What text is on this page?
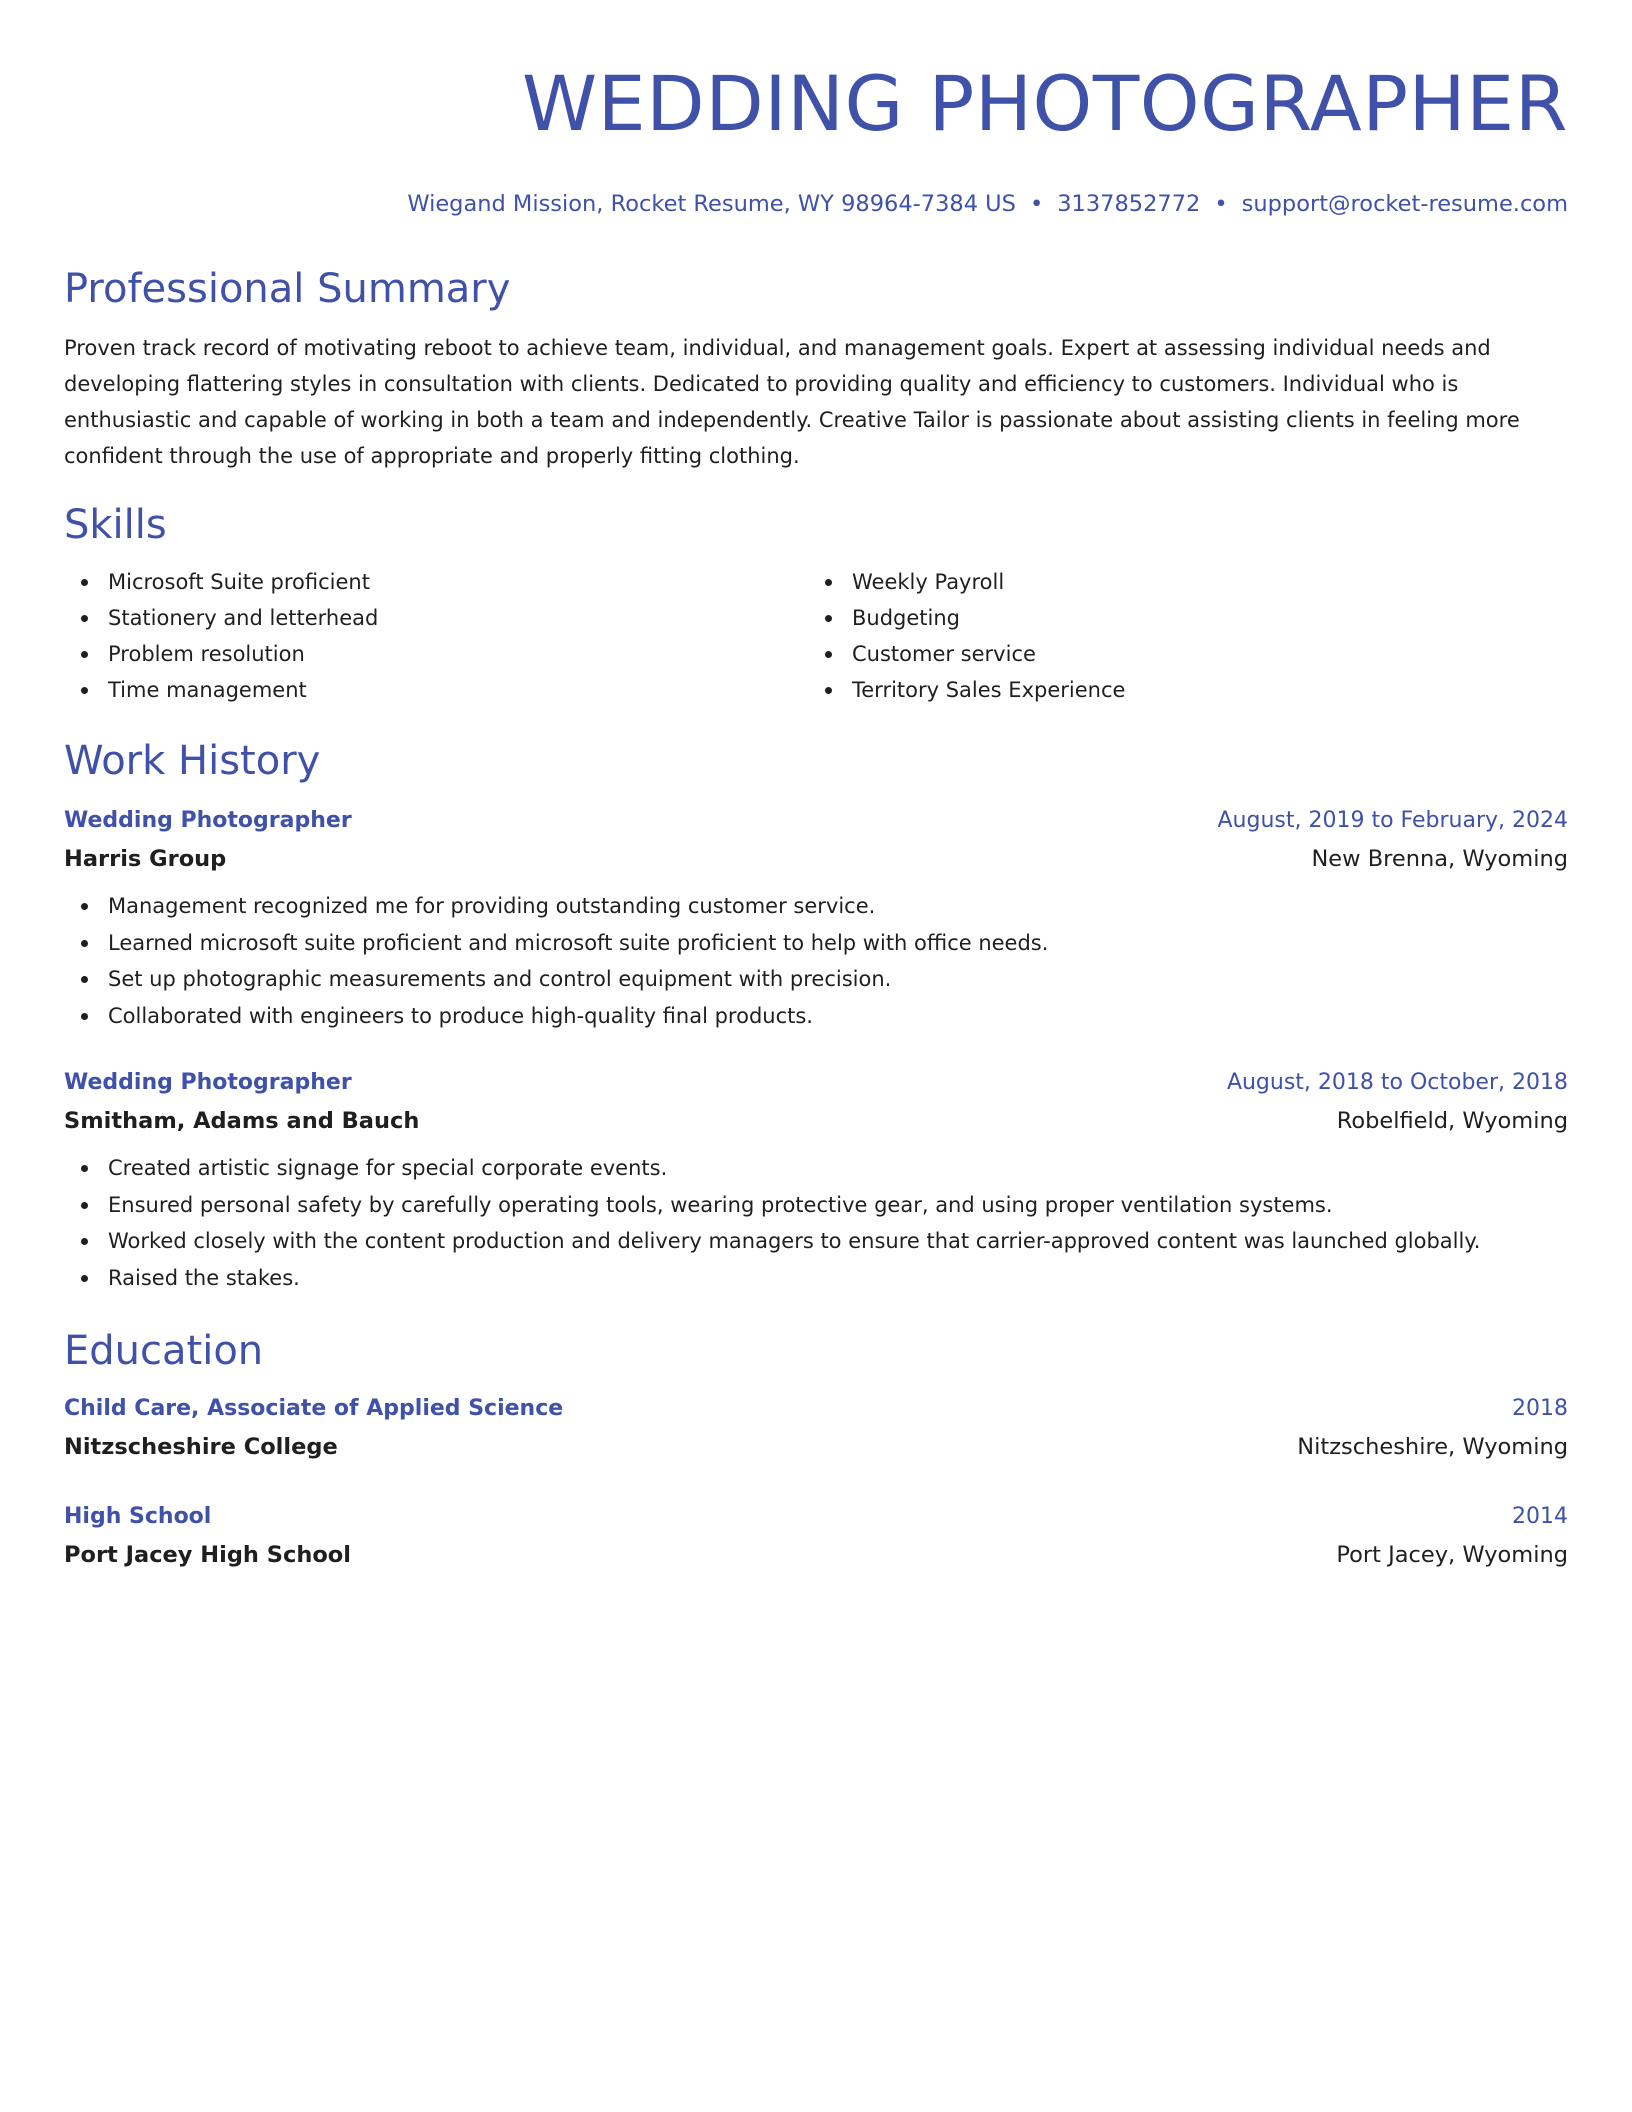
WEDDING PHOTOGRAPHER
Wiegand Mission, Rocket Resume, WY 98964-7384 US • 3137852772 • support@rocket-resume.com
Professional Summary

Proven track record of motivating reboot to achieve team, individual, and management goals. Expert at assessing individual needs and developing flattering styles in consultation with clients. Dedicated to providing quality and efficiency to customers. Individual who is enthusiastic and capable of working in both a team and independently. Creative Tailor is passionate about assisting clients in feeling more confident through the use of appropriate and properly fitting clothing.

Skills
Microsoft Suite proficient
Stationery and letterhead
Problem resolution
Time management
Weekly Payroll
Budgeting
Customer service
Territory Sales Experience
Work History
Wedding Photographer	August, 2019 to February, 2024
Harris Group	New Brenna, Wyoming
Management recognized me for providing outstanding customer service.
Learned microsoft suite proficient and microsoft suite proficient to help with office needs.
Set up photographic measurements and control equipment with precision.
Collaborated with engineers to produce high-quality final products.
Wedding Photographer	August, 2018 to October, 2018
Smitham, Adams and Bauch	Robelfield, Wyoming
Created artistic signage for special corporate events.
Ensured personal safety by carefully operating tools, wearing protective gear, and using proper ventilation systems.
Worked closely with the content production and delivery managers to ensure that carrier-approved content was launched globally.
Raised the stakes.
Education
Child Care, Associate of Applied Science	2018
Nitzscheshire College	Nitzscheshire, Wyoming
High School	2014
Port Jacey High School	Port Jacey, Wyoming
